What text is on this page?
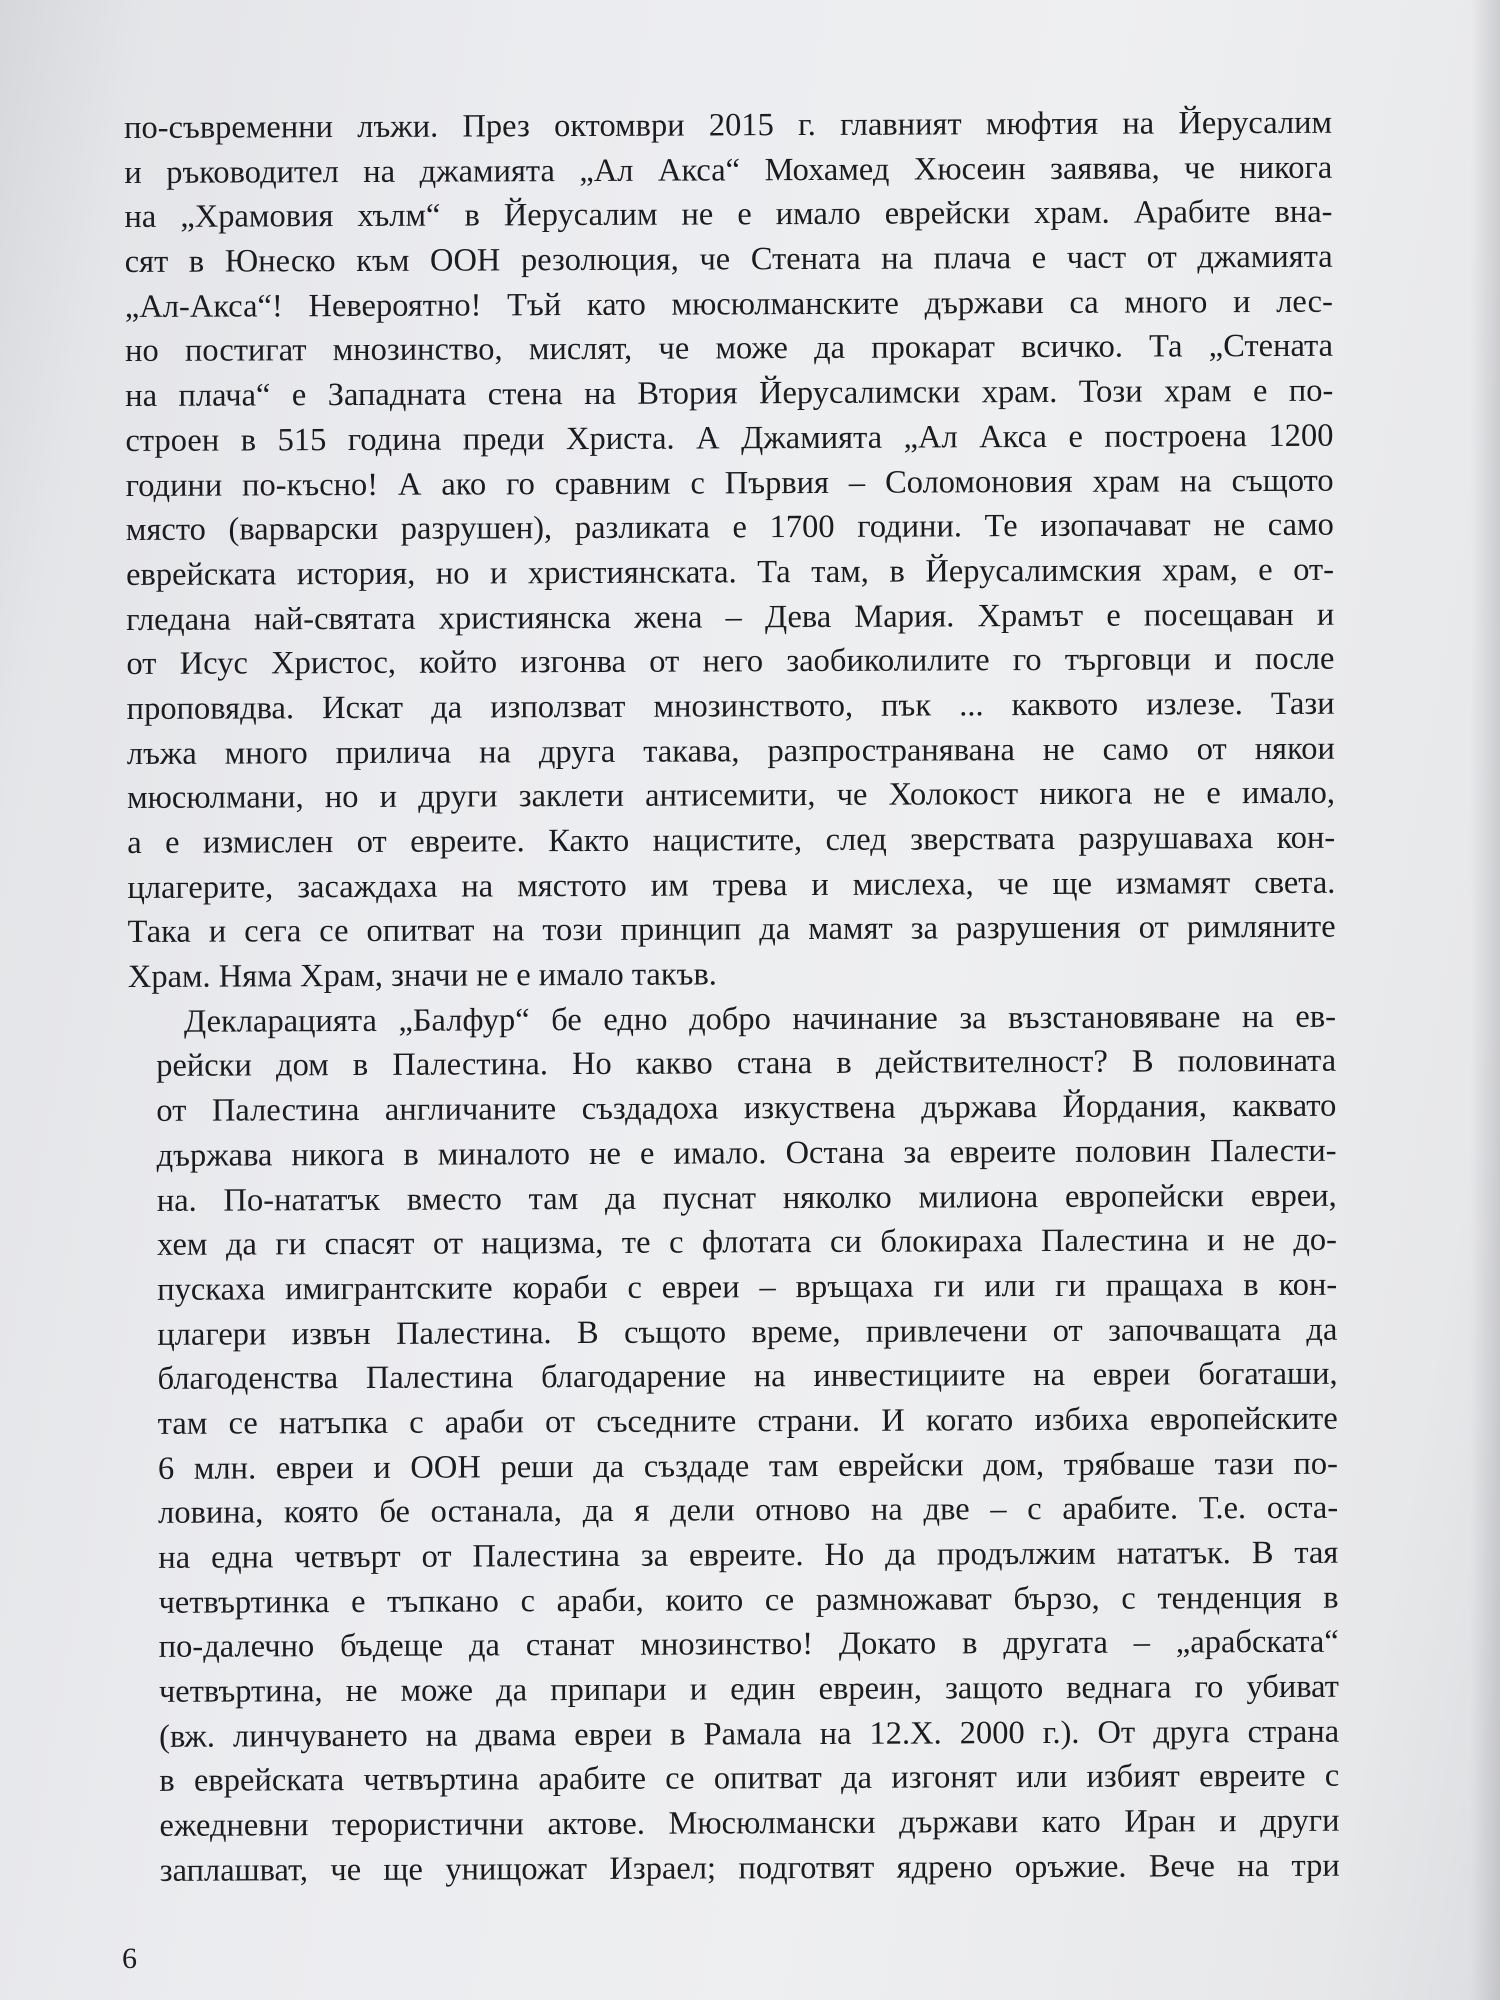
по-съвременни лъжи. През октомври 2015 г. главният мюфтия на Йерусалим
и ръководител на джамията „Ал Акса“ Мохамед Хюсеин заявява, че никога
на „Храмовия хълм“ в Йерусалим не е имало еврейски храм. Арабите вна-
сят в Юнеско към ООН резолюция, че Стената на плача е част от джамията
„Ал-Акса“! Невероятно! Тъй като мюсюлманските държави са много и лес-
но постигат мнозинство, мислят, че може да прокарат всичко. Та „Стената
на плача“ е Западната стена на Втория Йерусалимски храм. Този храм е по-
строен в 515 година преди Христа. А Джамията „Ал Акса е построена 1200
години по-късно! А ако го сравним с Първия – Соломоновия храм на същото
място (варварски разрушен), разликата е 1700 години. Те изопачават не само
еврейската история, но и християнската. Та там, в Йерусалимския храм, е от-
гледана най-святата християнска жена – Дева Мария. Храмът е посещаван и
от Исус Христос, който изгонва от него заобиколилите го търговци и после
проповядва. Искат да използват мнозинството, пък ... каквото излезе. Тази
лъжа много прилича на друга такава, разпространявана не само от някои
мюсюлмани, но и други заклети антисемити, че Холокост никога не е имало,
а е измислен от евреите. Както нацистите, след зверствата разрушаваха кон-
цлагерите, засаждаха на мястото им трева и мислеха, че ще измамят света.
Така и сега се опитват на този принцип да мамят за разрушения от римляните
Храм. Няма Храм, значи не е имало такъв.

Декларацията „Балфур“ бе едно добро начинание за възстановяване на ев-
рейски дом в Палестина. Но какво стана в действителност? В половината
от Палестина англичаните създадоха изкуствена държава Йордания, каквато
държава никога в миналото не е имало. Остана за евреите половин Палести-
на. По-нататък вместо там да пуснат няколко милиона европейски евреи,
хем да ги спасят от нацизма, те с флотата си блокираха Палестина и не до-
пускаха имигрантските кораби с евреи – връщаха ги или ги пращаха в кон-
цлагери извън Палестина. В същото време, привлечени от започващата да
благоденства Палестина благодарение на инвестициите на евреи богаташи,
там се натъпка с араби от съседните страни. И когато избиха европейските
6 млн. евреи и ООН реши да създаде там еврейски дом, трябваше тази по-
ловина, която бе останала, да я дели отново на две – с арабите. Т.е. оста-
на една четвърт от Палестина за евреите. Но да продължим нататък. В тая
четвъртинка е тъпкано с араби, които се размножават бързо, с тенденция в
по-далечно бъдеще да станат мнозинство! Докато в другата – „арабската“
четвъртина, не може да припари и един евреин, защото веднага го убиват
(вж. линчуването на двама евреи в Рамала на 12.Х. 2000 г.). От друга страна
в еврейската четвъртина арабите се опитват да изгонят или избият евреите с
ежедневни терористични актове. Мюсюлмански държави като Иран и други
заплашват, че ще унищожат Израел; подготвят ядрено оръжие. Вече на три

6
